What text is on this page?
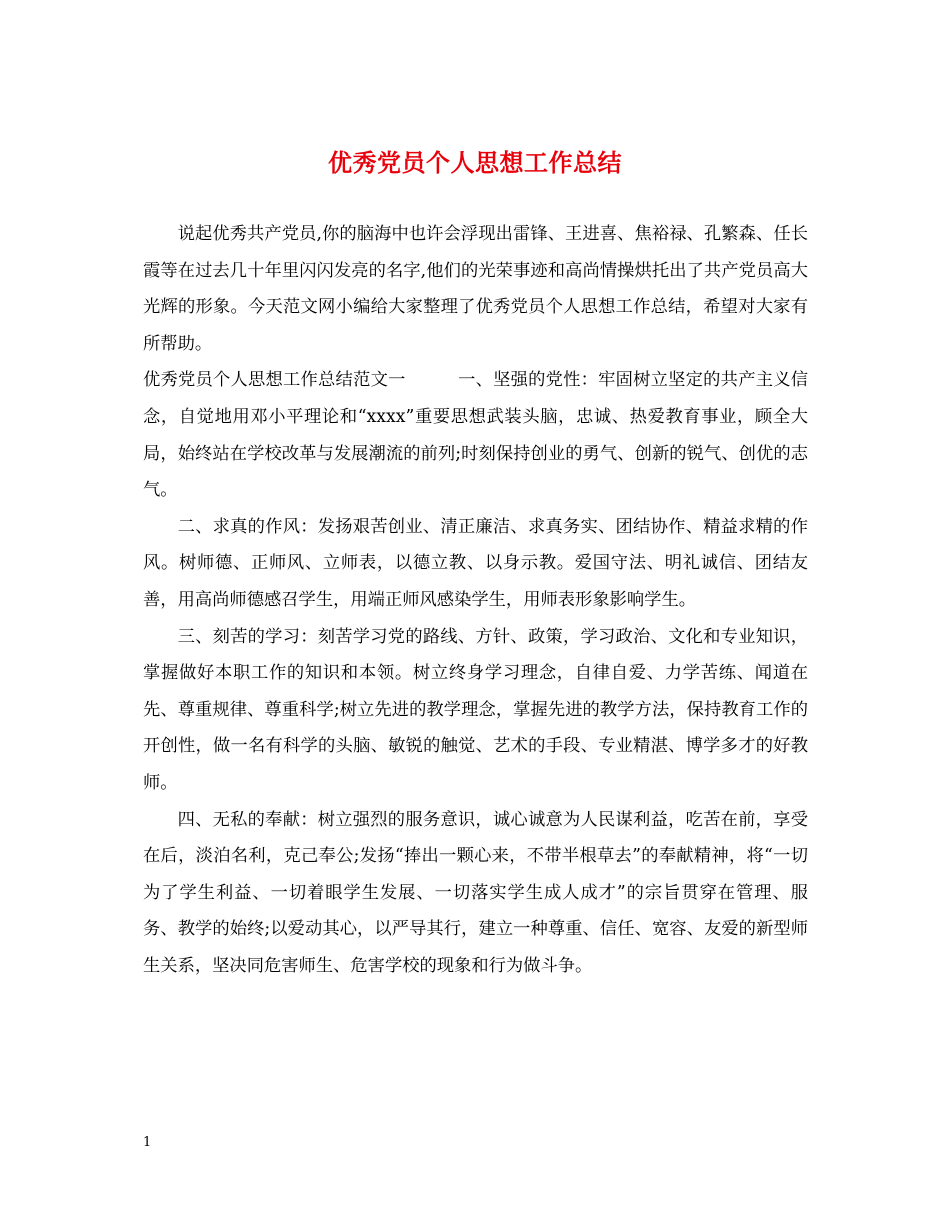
优秀党员个人思想工作总结

说起优秀共产党员,你的脑海中也许会浮现出雷锋、王进喜、焦裕禄、孔繁森、任长霞等在过去几十年里闪闪发亮的名字,他们的光荣事迹和高尚情操烘托出了共产党员高大光辉的形象。今天范文网小编给大家整理了优秀党员个人思想工作总结，希望对大家有所帮助。

优秀党员个人思想工作总结范文一　　　一、坚强的党性：牢固树立坚定的共产主义信念，自觉地用邓小平理论和“xxxx”重要思想武装头脑，忠诚、热爱教育事业，顾全大局，始终站在学校改革与发展潮流的前列;时刻保持创业的勇气、创新的锐气、创优的志气。

二、求真的作风：发扬艰苦创业、清正廉洁、求真务实、团结协作、精益求精的作风。树师德、正师风、立师表，以德立教、以身示教。爱国守法、明礼诚信、团结友善，用高尚师德感召学生，用端正师风感染学生，用师表形象影响学生。

三、刻苦的学习：刻苦学习党的路线、方针、政策，学习政治、文化和专业知识，掌握做好本职工作的知识和本领。树立终身学习理念，自律自爱、力学苦练、闻道在先、尊重规律、尊重科学;树立先进的教学理念，掌握先进的教学方法，保持教育工作的开创性，做一名有科学的头脑、敏锐的触觉、艺术的手段、专业精湛、博学多才的好教师。

四、无私的奉献：树立强烈的服务意识，诚心诚意为人民谋利益，吃苦在前，享受在后，淡泊名利，克己奉公;发扬“捧出一颗心来，不带半根草去”的奉献精神，将“一切为了学生利益、一切着眼学生发展、一切落实学生成人成才”的宗旨贯穿在管理、服务、教学的始终;以爱动其心，以严导其行，建立一种尊重、信任、宽容、友爱的新型师生关系，坚决同危害师生、危害学校的现象和行为做斗争。

1
